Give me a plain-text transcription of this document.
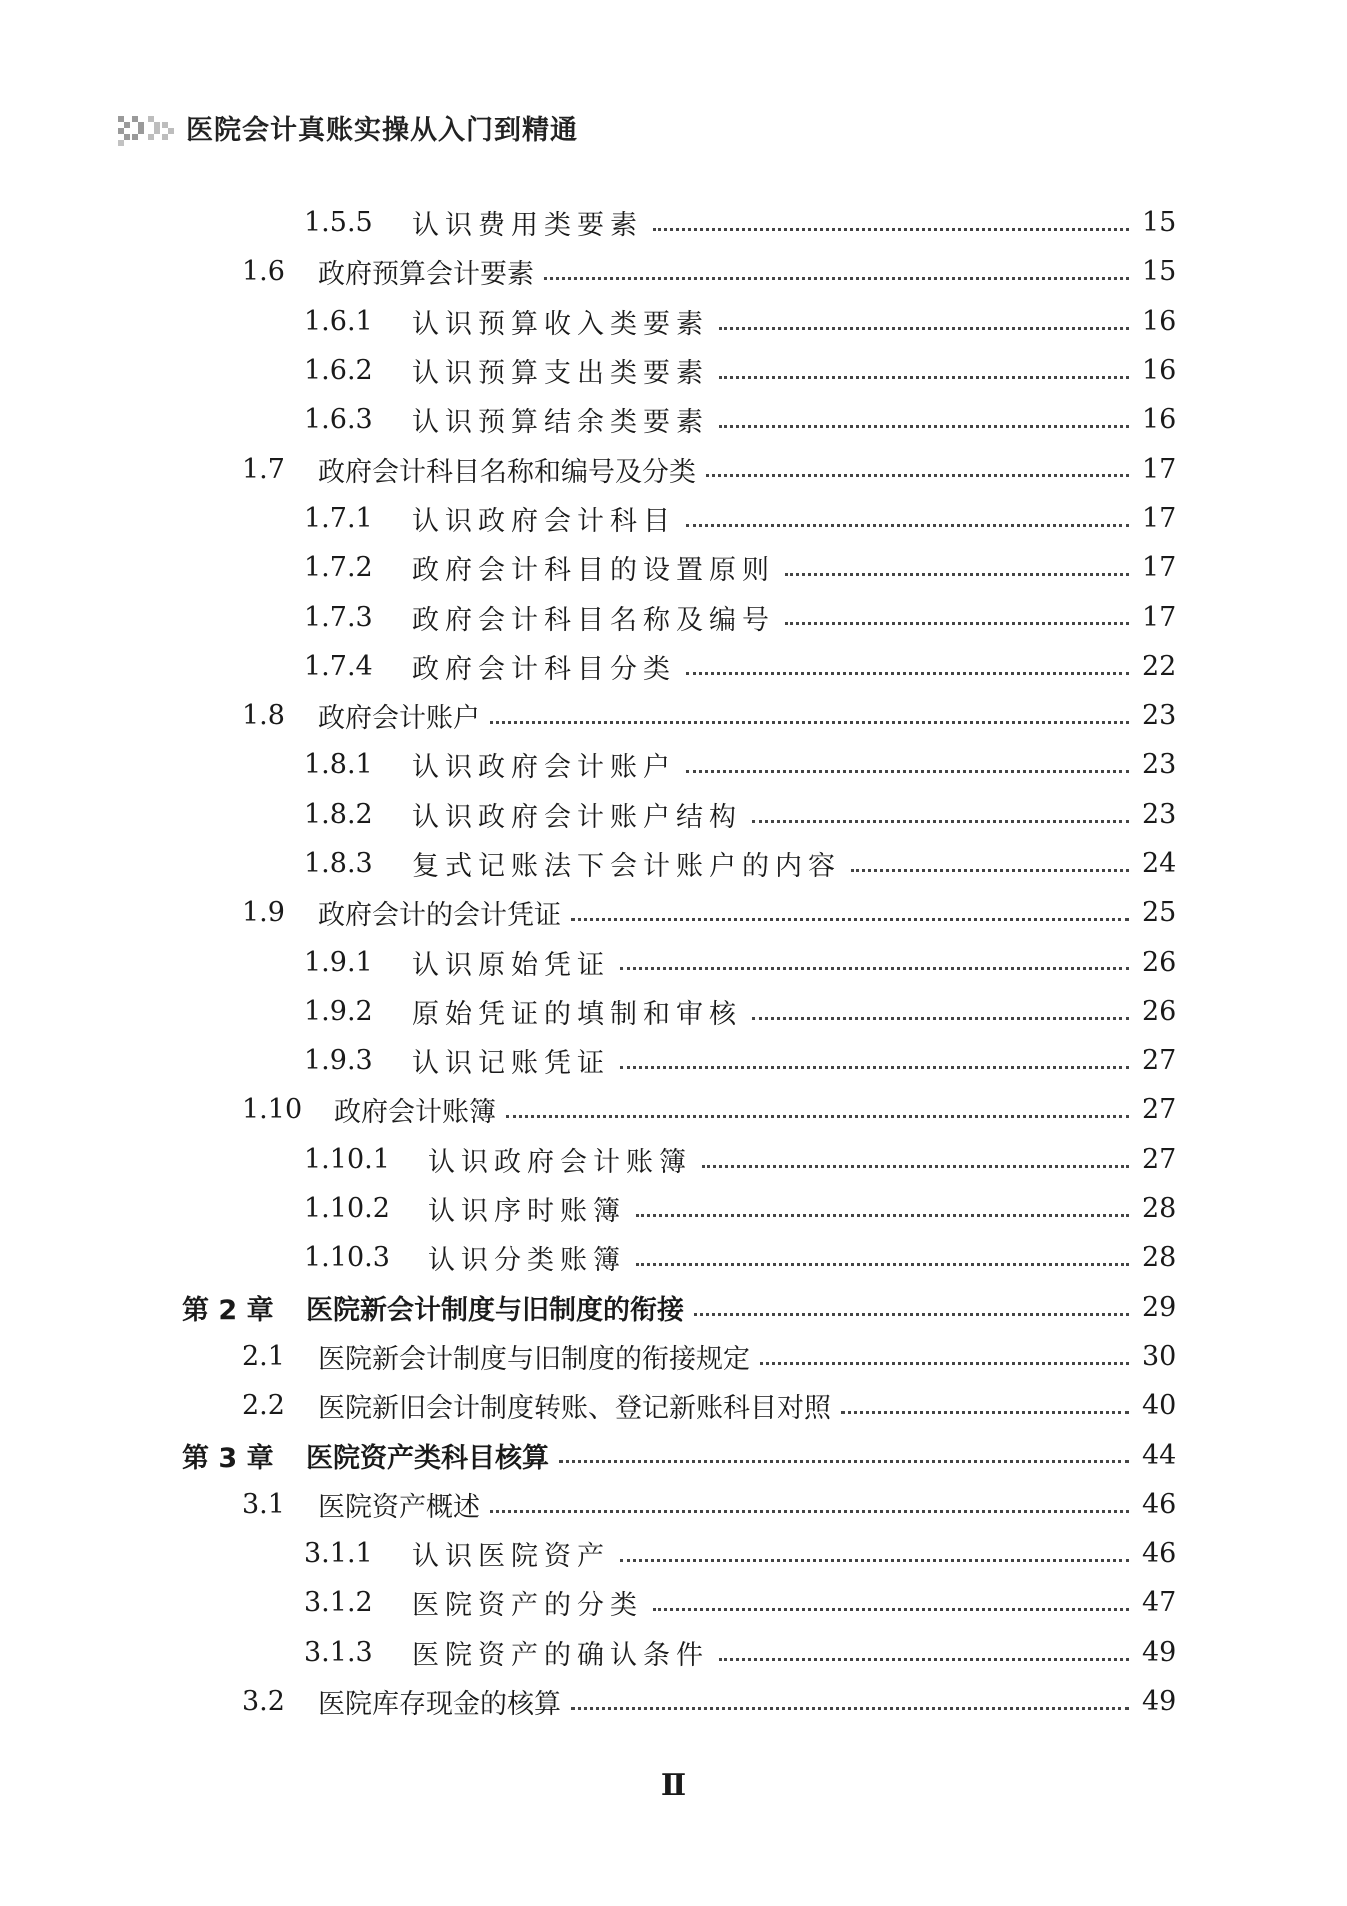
医院会计真账实操从入门到精通
1.5.5 认识费用类要素	15
1.6 政府预算会计要素	15
1.6.1 认识预算收入类要素	16
1.6.2 认识预算支出类要素	16
1.6.3 认识预算结余类要素	16
1.7 政府会计科目名称和编号及分类	17
1.7.1 认识政府会计科目	17
1.7.2 政府会计科目的设置原则	17
1.7.3 政府会计科目名称及编号	17
1.7.4 政府会计科目分类	22
1.8 政府会计账户	23
1.8.1 认识政府会计账户	23
1.8.2 认识政府会计账户结构	23
1.8.3 复式记账法下会计账户的内容	24
1.9 政府会计的会计凭证	25
1.9.1 认识原始凭证	26
1.9.2 原始凭证的填制和审核	26
1.9.3 认识记账凭证	27
1.10 政府会计账簿	27
1.10.1 认识政府会计账簿	27
1.10.2 认识序时账簿	28
1.10.3 认识分类账簿	28
第 2 章 医院新会计制度与旧制度的衔接	29
2.1 医院新会计制度与旧制度的衔接规定	30
2.2 医院新旧会计制度转账、登记新账科目对照	40
第 3 章 医院资产类科目核算	44
3.1 医院资产概述	46
3.1.1 认识医院资产	46
3.1.2 医院资产的分类	47
3.1.3 医院资产的确认条件	49
3.2 医院库存现金的核算	49
Ⅱ
